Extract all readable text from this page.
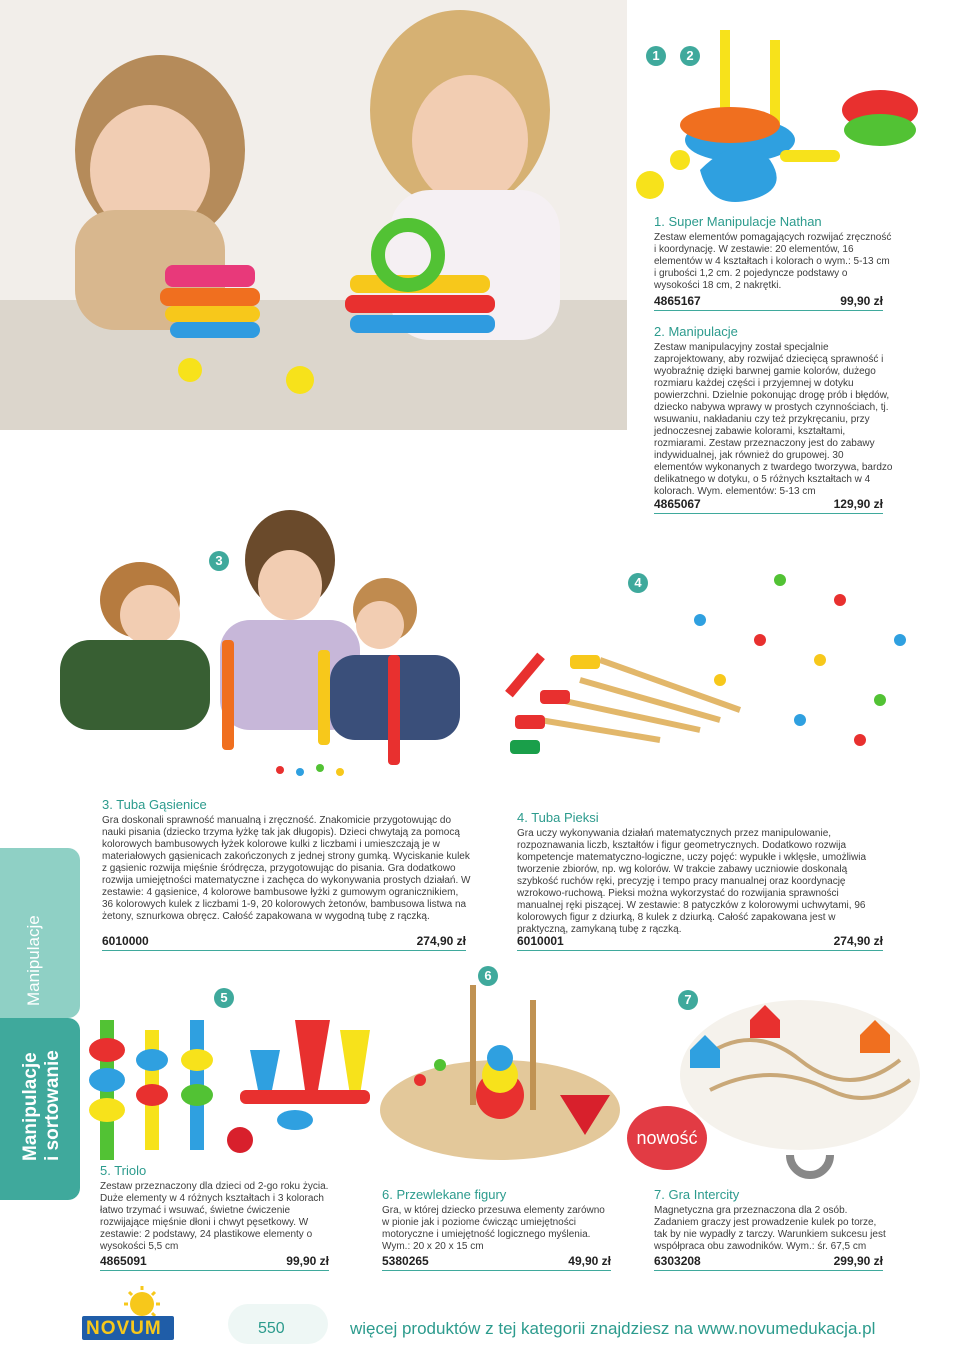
1	2
3
4
5
6
7
1. Super Manipulacje Nathan

Zestaw elementów pomagających rozwijać zręczność i koordynację. W zestawie: 20 elementów, 16 elementów w 4 kształtach i kolorach o wym.: 5-13 cm i grubości 1,2 cm. 2 pojedyncze podstawy o wysokości 18 cm, 2 nakrętki.

4865167	99,90 zł
2. Manipulacje

Zestaw manipulacyjny został specjalnie zaprojektowany, aby rozwijać dziecięcą sprawność i wyobraźnię dzięki barwnej gamie kolorów, dużego rozmiaru każdej części i przyjemnej w dotyku powierzchni. Dzielnie pokonując drogę prób i błędów, dziecko nabywa wprawy w prostych czynnościach, tj. wsuwaniu, nakładaniu czy też przykręcaniu, przy jednoczesnej zabawie kolorami, kształtami, rozmiarami. Zestaw przeznaczony jest do zabawy indywidualnej, jak również do grupowej. 30 elementów wykonanych z twardego tworzywa, bardzo delikatnego w dotyku, o 5 różnych kształtach w 4 kolorach. Wym. elementów: 5-13 cm

4865067	129,90 zł
3. Tuba Gąsienice

Gra doskonali sprawność manualną i zręczność. Znakomicie przygotowując do nauki pisania (dziecko trzyma łyżkę tak jak długopis). Dzieci chwytają za pomocą kolorowych bambusowych łyżek kolorowe kulki z liczbami i umieszczają je w materiałowych gąsienicach zakończonych z jednej strony gumką. Wyciskanie kulek z gąsienic rozwija mięśnie śródręcza, przygotowując do pisania. Gra dodatkowo rozwija umiejętności matematyczne i zachęca do wykonywania prostych działań. W zestawie: 4 gąsienice, 4 kolorowe bambusowe łyżki z gumowym ogranicznikiem, 36 kolorowych kulek z liczbami 1-9, 20 kolorowych żetonów, bambusowa listwa na żetony, sznurkowa obręcz. Całość zapakowana w wygodną tubę z rączką.

6010000	274,90 zł
4. Tuba Pieksi

Gra uczy wykonywania działań matematycznych przez manipulowanie, rozpoznawania liczb, kształtów i figur geometrycznych. Dodatkowo rozwija kompetencje matematyczno-logiczne, uczy pojęć: wypukłe i wklęsłe, umożliwia tworzenie zbiorów, np. wg kolorów. W trakcie zabawy uczniowie doskonalą szybkość ruchów ręki, precyzję i tempo pracy manualnej oraz koordynację wzrokowo-ruchową. Pieksi można wykorzystać do rozwijania sprawności manualnej ręki piszącej. W zestawie: 8 patyczków z kolorowymi uchwytami, 96 kolorowych figur z dziurką, 8 kulek z dziurką. Całość zapakowana jest w praktyczną, zamykaną tubę z rączką.

6010001	274,90 zł
5. Triolo

Zestaw przeznaczony dla dzieci od 2-go roku życia. Duże elementy w 4 różnych kształtach i 3 kolorach łatwo trzymać i wsuwać, świetne ćwiczenie rozwijające mięśnie dłoni i chwyt pęsetkowy. W zestawie: 2 podstawy, 24 plastikowe elementy o wysokości 5,5 cm

4865091	99,90 zł
6. Przewlekane figury

Gra, w której dziecko przesuwa elementy zarówno w pionie jak i poziome ćwicząc umiejętności motoryczne i umiejętność logicznego myślenia. Wym.: 20 x 20 x 15 cm

5380265	49,90 zł
7. Gra Intercity

Magnetyczna gra przeznaczona dla 2 osób. Zadaniem graczy jest prowadzenie kulek po torze, tak by nie wypadły z tarczy. Warunkiem sukcesu jest współpraca obu zawodników. Wym.: śr. 67,5 cm

6303208	299,90 zł
nowość
Manipulacje
Manipulacje i sortowanie
NOVUM	550	więcej produktów z tej kategorii znajdziesz na www.novumedukacja.pl
